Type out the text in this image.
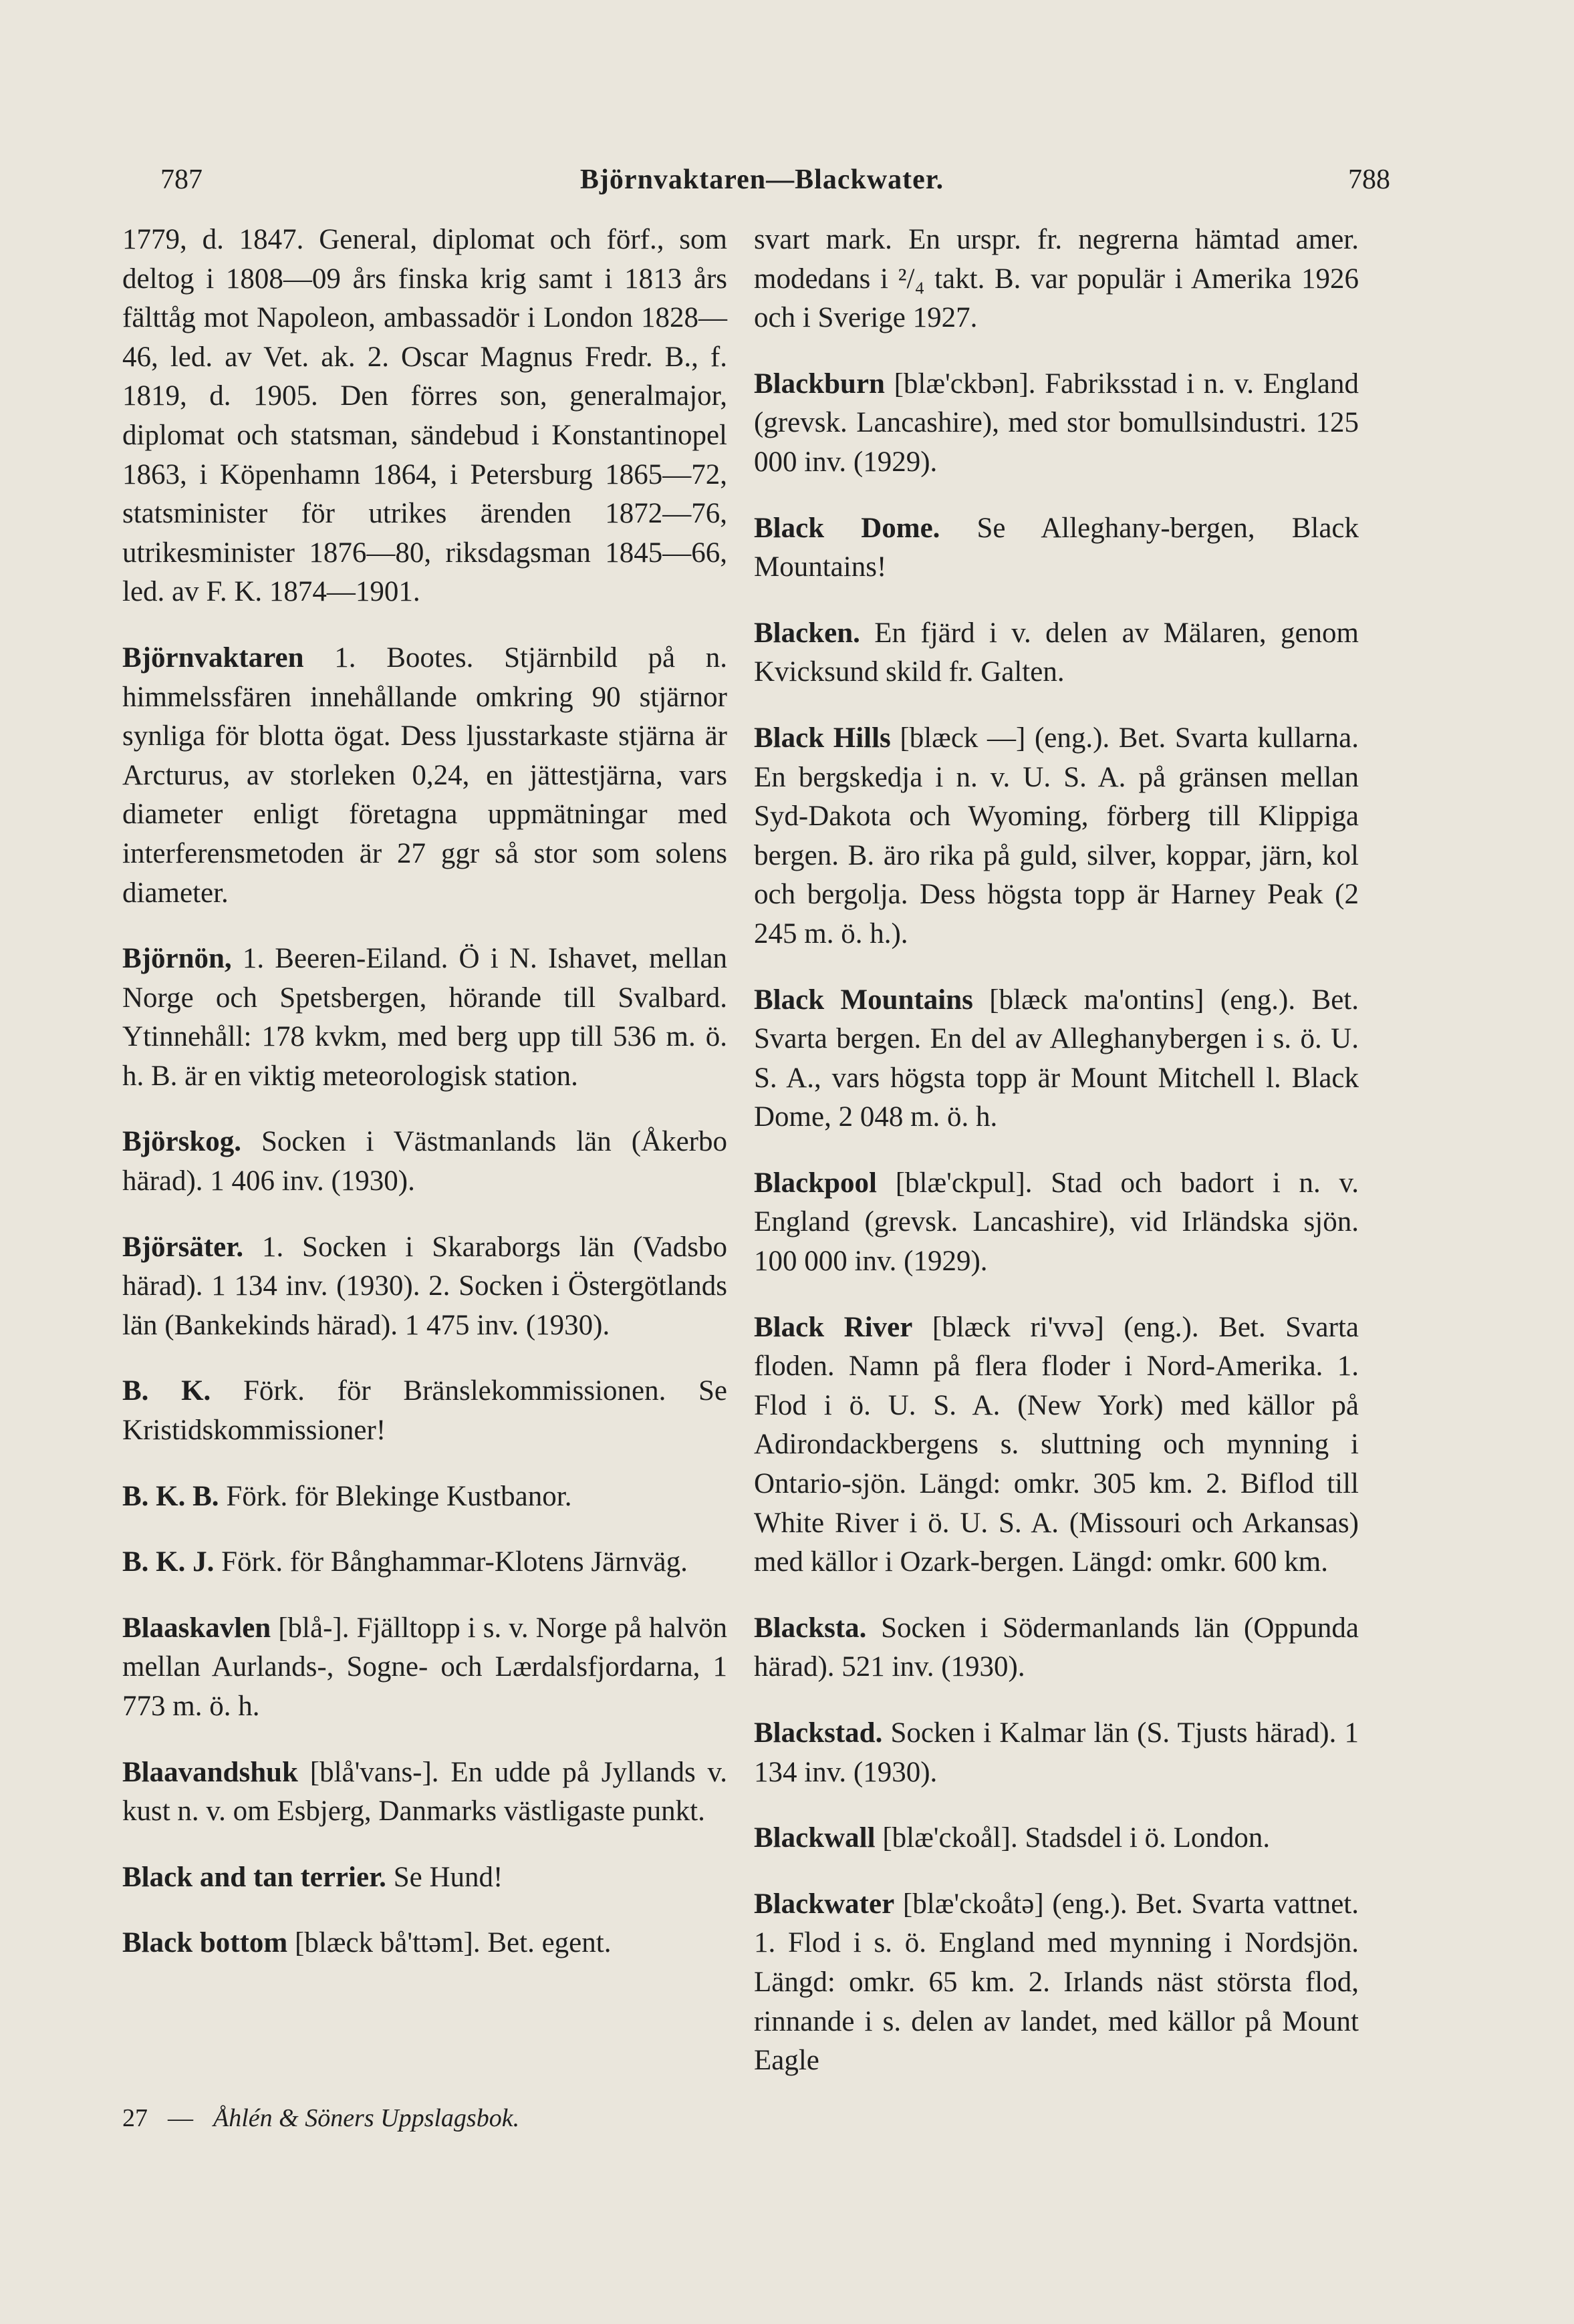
787	Björnvaktaren—Blackwater.	788

1779, d. 1847. General, diplomat och förf., som deltog i 1808—09 års finska krig samt i 1813 års fälttåg mot Napoleon, ambassadör i London 1828—46, led. av Vet. ak. 2. Oscar Magnus Fredr. B., f. 1819, d. 1905. Den förres son, generalmajor, diplomat och statsman, sändebud i Konstantinopel 1863, i Köpenhamn 1864, i Petersburg 1865—72, statsminister för utrikes ärenden 1872—76, utrikesminister 1876—80, riksdagsman 1845—66, led. av F. K. 1874—1901.

Björnvaktaren 1. Bootes. Stjärnbild på n. himmelssfären innehållande omkring 90 stjärnor synliga för blotta ögat. Dess ljusstarkaste stjärna är Arcturus, av storleken 0,24, en jättestjärna, vars diameter enligt företagna uppmätningar med interferensmetoden är 27 ggr så stor som solens diameter.

Björnön, 1. Beeren-Eiland. Ö i N. Ishavet, mellan Norge och Spetsbergen, hörande till Svalbard. Ytinnehåll: 178 kvkm, med berg upp till 536 m. ö. h. B. är en viktig meteorologisk station.

Björskog. Socken i Västmanlands län (Åkerbo härad). 1 406 inv. (1930).

Björsäter. 1. Socken i Skaraborgs län (Vadsbo härad). 1 134 inv. (1930). 2. Socken i Östergötlands län (Bankekinds härad). 1 475 inv. (1930).

B. K. Förk. för Bränslekommissionen. Se Kristidskommissioner!

B. K. B. Förk. för Blekinge Kustbanor.

B. K. J. Förk. för Bånghammar-Klotens Järnväg.

Blaaskavlen [blå-]. Fjälltopp i s. v. Norge på halvön mellan Aurlands-, Sogne- och Lærdalsfjordarna, 1 773 m. ö. h.

Blaavandshuk [blå'vans-]. En udde på Jyllands v. kust n. v. om Esbjerg, Danmarks västligaste punkt.

Black and tan terrier. Se Hund!

Black bottom [blæck bå'ttəm]. Bet. egent.

svart mark. En urspr. fr. negrerna hämtad amer. modedans i ²/₄ takt. B. var populär i Amerika 1926 och i Sverige 1927.

Blackburn [blæ'ckbən]. Fabriksstad i n. v. England (grevsk. Lancashire), med stor bomullsindustri. 125 000 inv. (1929).

Black Dome. Se Alleghany-bergen, Black Mountains!

Blacken. En fjärd i v. delen av Mälaren, genom Kvicksund skild fr. Galten.

Black Hills [blæck —] (eng.). Bet. Svarta kullarna. En bergskedja i n. v. U. S. A. på gränsen mellan Syd-Dakota och Wyoming, förberg till Klippiga bergen. B. äro rika på guld, silver, koppar, järn, kol och bergolja. Dess högsta topp är Harney Peak (2 245 m. ö. h.).

Black Mountains [blæck ma'ontins] (eng.). Bet. Svarta bergen. En del av Alleghanybergen i s. ö. U. S. A., vars högsta topp är Mount Mitchell l. Black Dome, 2 048 m. ö. h.

Blackpool [blæ'ckpul]. Stad och badort i n. v. England (grevsk. Lancashire), vid Irländska sjön. 100 000 inv. (1929).

Black River [blæck ri'vvə] (eng.). Bet. Svarta floden. Namn på flera floder i Nord-Amerika. 1. Flod i ö. U. S. A. (New York) med källor på Adirondackbergens s. sluttning och mynning i Ontario-sjön. Längd: omkr. 305 km. 2. Biflod till White River i ö. U. S. A. (Missouri och Arkansas) med källor i Ozark-bergen. Längd: omkr. 600 km.

Blacksta. Socken i Södermanlands län (Oppunda härad). 521 inv. (1930).

Blackstad. Socken i Kalmar län (S. Tjusts härad). 1 134 inv. (1930).

Blackwall [blæ'ckoål]. Stadsdel i ö. London.

Blackwater [blæ'ckoåtə] (eng.). Bet. Svarta vattnet. 1. Flod i s. ö. England med mynning i Nordsjön. Längd: omkr. 65 km. 2. Irlands näst största flod, rinnande i s. delen av landet, med källor på Mount Eagle

27 — Åhlén & Söners Uppslagsbok.
